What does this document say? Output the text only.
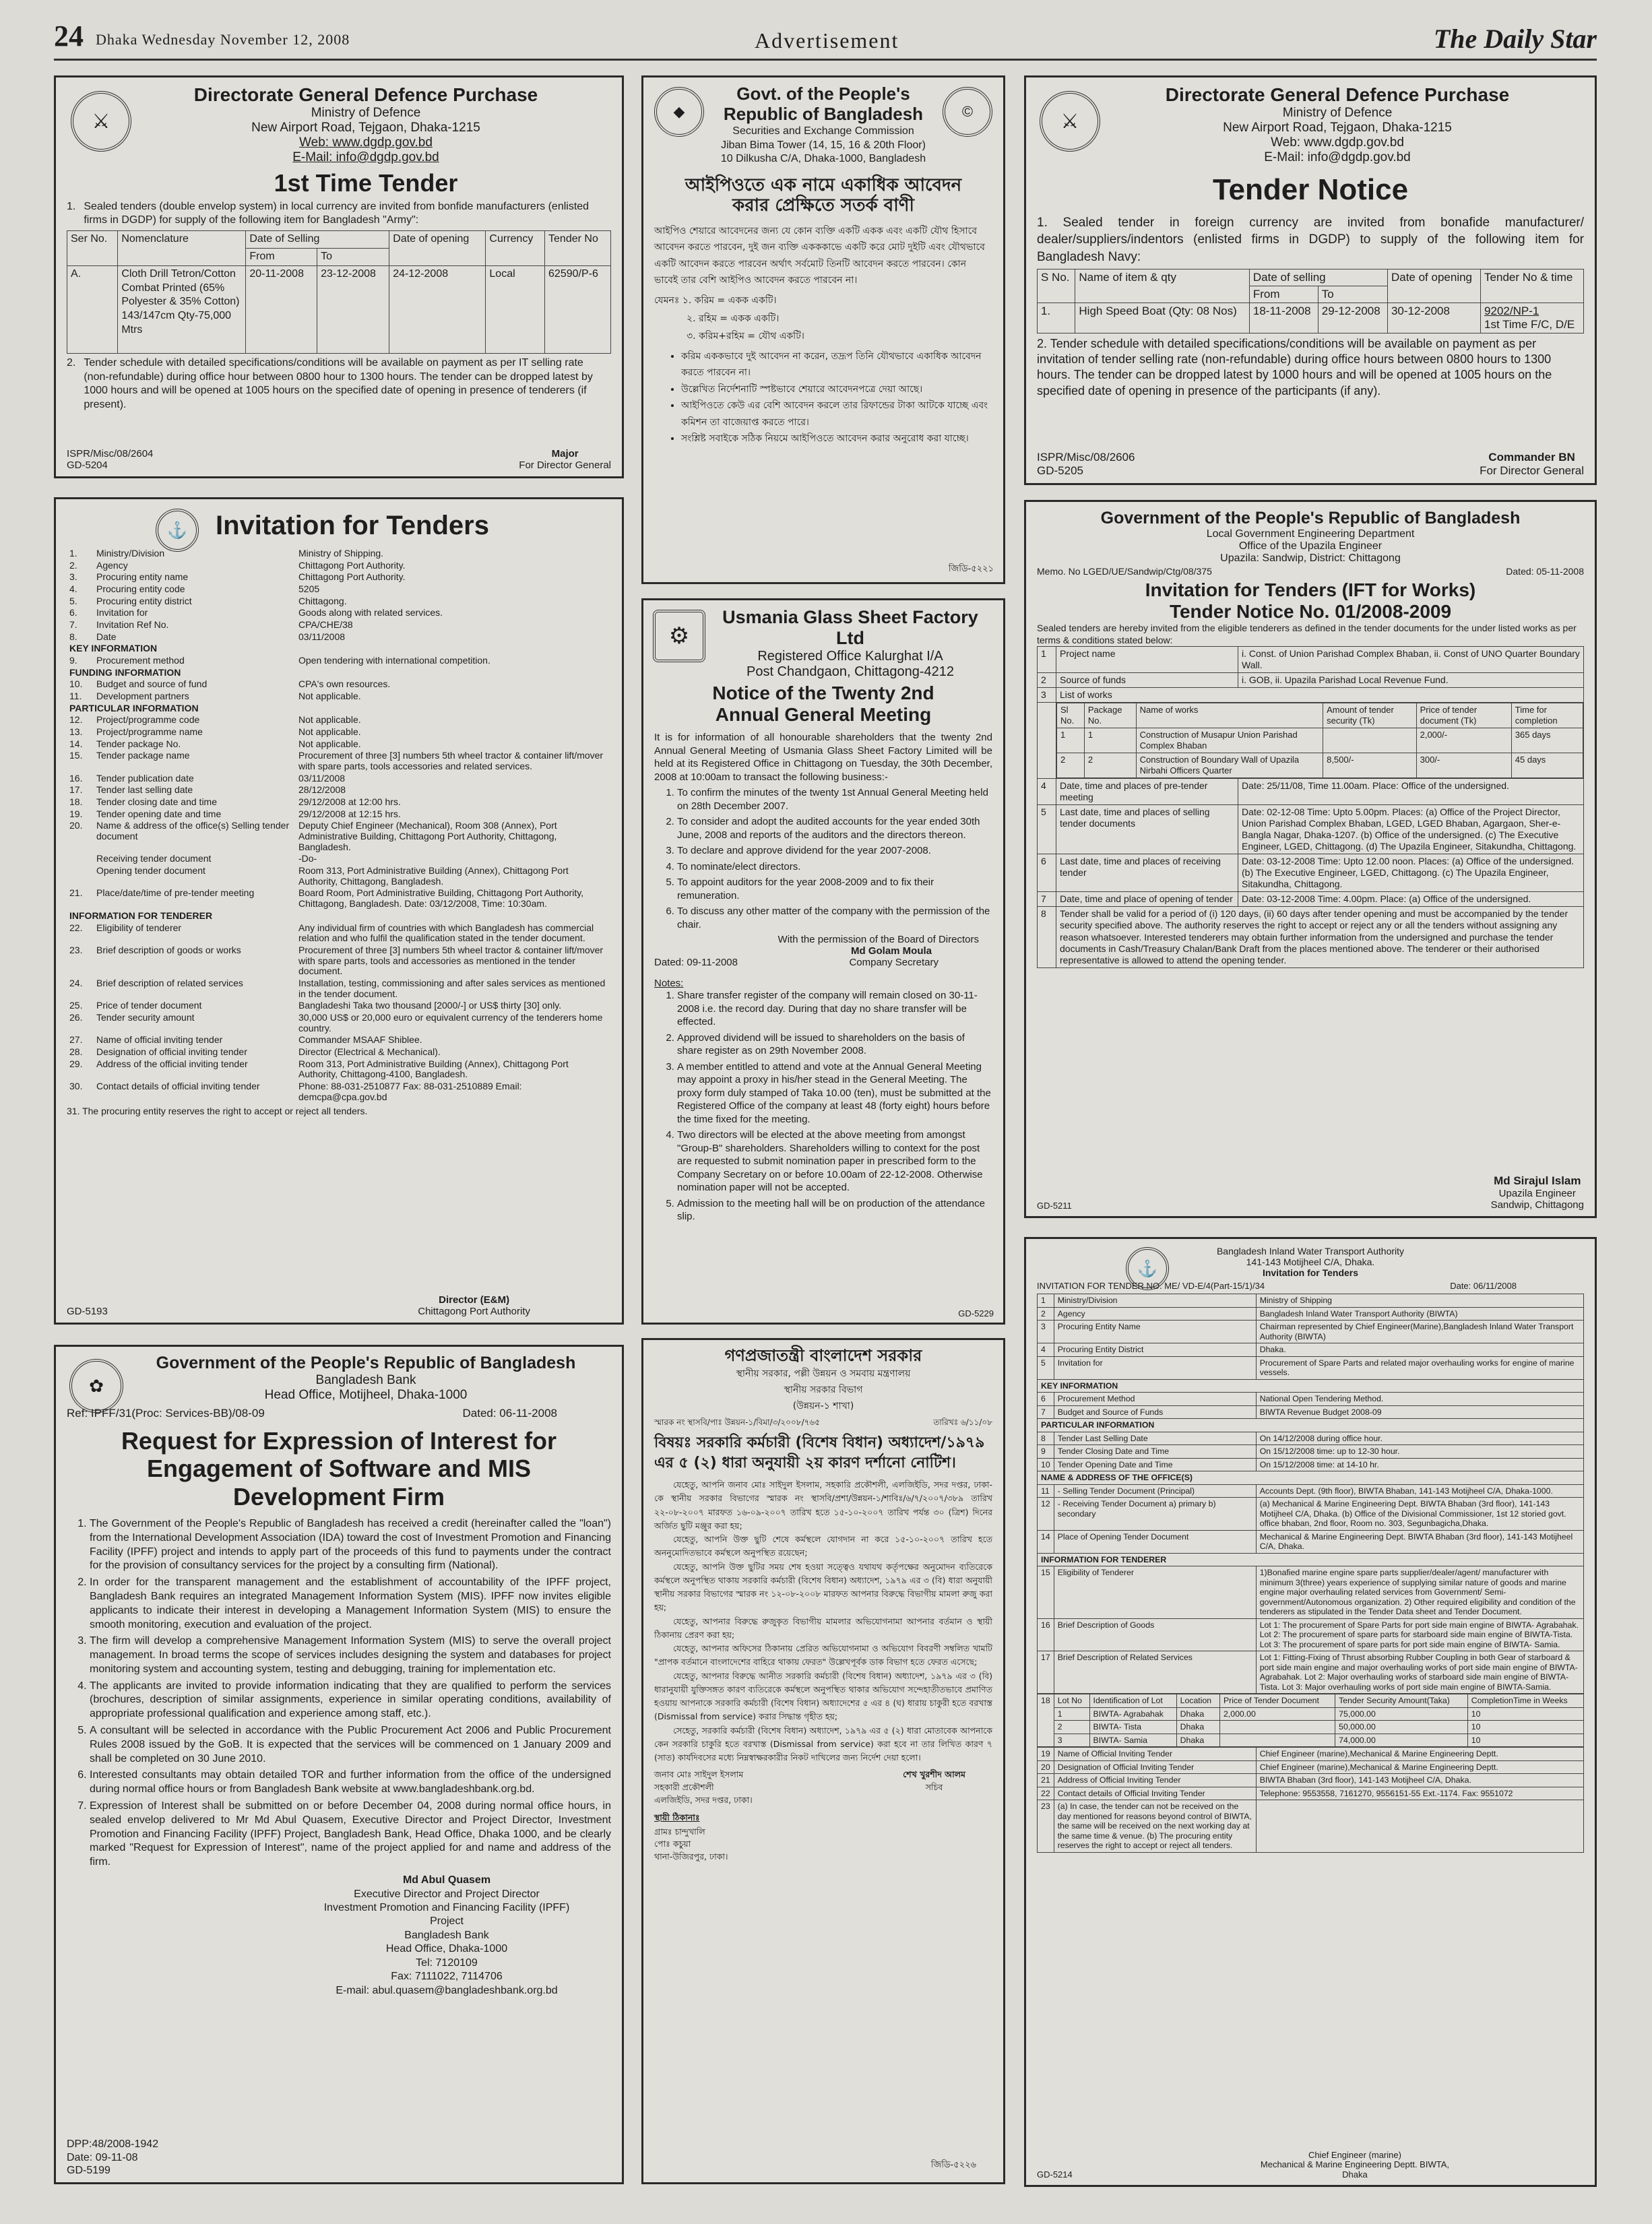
24 Dhaka Wednesday November 12, 2008	Advertisement	The Daily Star
⚔
Directorate General Defence Purchase
Ministry of Defence
New Airport Road, Tejgaon, Dhaka-1215
Web: www.dgdp.gov.bd
E-Mail: info@dgdp.gov.bd
1st Time Tender
1. Sealed tenders (double envelop system) in local currency are invited from bonfide manufacturers (enlisted firms in DGDP) for supply of the following item for Bangladesh "Army":
Ser No.	Nomenclature	Date of Selling		Date of opening	Currency	Tender No
		From	To			
A.	Cloth Drill Tetron/Cotton Combat Printed (65% Polyester & 35% Cotton) 143/147cm Qty-75,000 Mtrs	20-11-2008	23-12-2008	24-12-2008	Local	62590/P-6
2. Tender schedule with detailed specifications/conditions will be available on payment as per IT selling rate (non-refundable) during office hour between 0800 hour to 1300 hours. The tender can be dropped latest by 1000 hours and will be opened at 1005 hours on the specified date of opening in presence of tenderers (if present).
ISPR/Misc/08/2604
GD-5204
Major
For Director General
◆	©
Govt. of the People's Republic of Bangladesh
Securities and Exchange Commission
Jiban Bima Tower (14, 15, 16 & 20th Floor)
10 Dilkusha C/A, Dhaka-1000, Bangladesh
আইপিওতে এক নামে একাধিক আবেদন
করার প্রেক্ষিতে সতর্ক বাণী
আইপিও শেয়ারে আবেদনের জন্য যে কোন ব্যক্তি একটি একক এবং একটি যৌথ হিসাবে আবেদন করতে পারবেন, দুই জন ব্যক্তি একককাভে একটি করে মোট দুইটি এবং যৌথভাবে একটি আবেদন করতে পারবেন অর্থাৎ সর্বমোট তিনটি আবেদন করতে পারবেন। কোন ভাবেই তার বেশি আইপিও আবেদন করতে পারবেন না।
যেমনঃ ১. করিম = একক একটি।
২. রহিম = একক একটি।
৩. করিম+রহিম = যৌথ একটি।
• করিম এককভাবে দুই আবেদন না করেন, তদ্রূপ তিনি যৌথভাবে একাধিক আবেদন করতে পারবেন না।
• উল্লেখিত নির্দেশনাটি স্পষ্টভাবে শেয়ারে আবেদনপত্রে দেয়া আছে।
• আইপিওতে কেউ এর বেশি আবেদন করলে তার রিফান্ডের টাকা আটকে যাচ্ছে এবং কমিশন তা বাজেয়াপ্ত করতে পারে।
• সংশ্লিষ্ট সবাইকে সঠিক নিয়মে আইপিওতে আবেদন করার অনুরোধ করা যাচ্ছে।
জিডি-৫২২১
⚔
Directorate General Defence Purchase
Ministry of Defence
New Airport Road, Tejgaon, Dhaka-1215
Web: www.dgdp.gov.bd
E-Mail: info@dgdp.gov.bd
Tender Notice
1. Sealed tender in foreign currency are invited from bonafide manufacturer/ dealer/suppliers/indentors (enlisted firms in DGDP) to supply of the following item for Bangladesh Navy:
S No.	Name of item & qty	Date of selling		Date of opening	Tender No & time
		From	To		
1.	High Speed Boat (Qty: 08 Nos)	18-11-2008	29-12-2008	30-12-2008	9202/NP-1
1st Time F/C, D/E
2. Tender schedule with detailed specifications/conditions will be available on payment as per invitation of tender selling rate (non-refundable) during office hours between 0800 hours to 1300 hours. The tender can be dropped latest by 1000 hours and will be opened at 1005 hours on the specified date of opening in presence of the participants (if any).
ISPR/Misc/08/2606
GD-5205
Commander BN
For Director General
⚓	Invitation for Tenders
1.	Ministry/Division	Ministry of Shipping.
2.	Agency	Chittagong Port Authority.
3.	Procuring entity name	Chittagong Port Authority.
4.	Procuring entity code	5205
5.	Procuring entity district	Chittagong.
6.	Invitation for	Goods along with related services.
7.	Invitation Ref No.	CPA/CHE/38
8.	Date	03/11/2008
KEY INFORMATION		
9.	Procurement method	Open tendering with international competition.
FUNDING INFORMATION		
10.	Budget and source of fund	CPA's own resources.
11.	Development partners	Not applicable.
PARTICULAR INFORMATION		
12.	Project/programme code	Not applicable.
13.	Project/programme name	Not applicable.
14.	Tender package No.	Not applicable.
15.	Tender package name	Procurement of three [3] numbers 5th wheel tractor & container lift/mover with spare parts, tools accessories and related services.
16.	Tender publication date	03/11/2008
17.	Tender last selling date	28/12/2008
18.	Tender closing date and time	29/12/2008 at 12:00 hrs.
19.	Tender opening date and time	29/12/2008 at 12:15 hrs.
20.	Name & address of the office(s) Selling tender document	Deputy Chief Engineer (Mechanical), Room 308 (Annex), Port Administrative Building, Chittagong Port Authority, Chittagong, Bangladesh.
	Receiving tender document	-Do-
	Opening tender document	Room 313, Port Administrative Building (Annex), Chittagong Port Authority, Chittagong, Bangladesh.
21.	Place/date/time of pre-tender meeting	Board Room, Port Administrative Building, Chittagong Port Authority, Chittagong, Bangladesh. Date: 03/12/2008, Time: 10:30am.
INFORMATION FOR TENDERER		
22.	Eligibility of tenderer	Any individual firm of countries with which Bangladesh has commercial relation and who fulfil the qualification stated in the tender document.
23.	Brief description of goods or works	Procurement of three [3] numbers 5th wheel tractor & container lift/mover with spare parts, tools and accessories as mentioned in the tender document.
24.	Brief description of related services	Installation, testing, commissioning and after sales services as mentioned in the tender document.
25.	Price of tender document	Bangladeshi Taka two thousand [2000/-] or US$ thirty [30] only.
26.	Tender security amount	30,000 US$ or 20,000 euro or equivalent currency of the tenderers home country.
27.	Name of official inviting tender	Commander MSAAF Shiblee.
28.	Designation of official inviting tender	Director (Electrical & Mechanical).
29.	Address of the official inviting tender	Room 313, Port Administrative Building (Annex), Chittagong Port Authority, Chittagong-4100, Bangladesh.
30.	Contact details of official inviting tender	Phone: 88-031-2510877 Fax: 88-031-2510889 Email: demcpa@cpa.gov.bd
31. The procuring entity reserves the right to accept or reject all tenders.
GD-5193
Director (E&M)
Chittagong Port Authority
⚙
Usmania Glass Sheet Factory Ltd
Registered Office Kalurghat I/A
Post Chandgaon, Chittagong-4212
Notice of the Twenty 2nd
Annual General Meeting
It is for information of all honourable shareholders that the twenty 2nd Annual General Meeting of Usmania Glass Sheet Factory Limited will be held at its Registered Office in Chittagong on Tuesday, the 30th December, 2008 at 10:00am to transact the following business:-
1. To confirm the minutes of the twenty 1st Annual General Meeting held on 28th December 2007.
2. To consider and adopt the audited accounts for the year ended 30th June, 2008 and reports of the auditors and the directors thereon.
3. To declare and approve dividend for the year 2007-2008.
4. To nominate/elect directors.
5. To appoint auditors for the year 2008-2009 and to fix their remuneration.
6. To discuss any other matter of the company with the permission of the chair.
With the permission of the Board of Directors
Md Golam Moula
Dated: 09-11-2008	Company Secretary
Notes:
1. Share transfer register of the company will remain closed on 30-11-2008 i.e. the record day. During that day no share transfer will be effected.
2. Approved dividend will be issued to shareholders on the basis of share register as on 29th November 2008.
3. A member entitled to attend and vote at the Annual General Meeting may appoint a proxy in his/her stead in the General Meeting. The proxy form duly stamped of Taka 10.00 (ten), must be submitted at the Registered Office of the company at least 48 (forty eight) hours before the time fixed for the meeting.
4. Two directors will be elected at the above meeting from amongst "Group-B" shareholders. Shareholders willing to context for the post are requested to submit nomination paper in prescribed form to the Company Secretary on or before 10.00am of 22-12-2008. Otherwise nomination paper will not be accepted.
5. Admission to the meeting hall will be on production of the attendance slip.
GD-5229
Government of the People's Republic of Bangladesh
Local Government Engineering Department
Office of the Upazila Engineer
Upazila: Sandwip, District: Chittagong
Memo. No LGED/UE/Sandwip/Ctg/08/375	Dated: 05-11-2008
Invitation for Tenders (IFT for Works)
Tender Notice No. 01/2008-2009
Sealed tenders are hereby invited from the eligible tenderers as defined in the tender documents for the under listed works as per terms & conditions stated below:
1	Project name	i. Const. of Union Parishad Complex Bhaban, ii. Const of UNO Quarter Boundary Wall.
2	Source of funds	i. GOB, ii. Upazila Parishad Local Revenue Fund.
3	List of works

Sl No.	Package No.	Name of works	Amount of tender security (Tk)	Price of tender document (Tk)	Time for completion
1	1	Construction of Musapur Union Parishad Complex Bhaban		2,000/-	365 days
2	2	Construction of Boundary Wall of Upazila Nirbahi Officers Quarter	8,500/-	300/-	45 days

4	Date, time and places of pre-tender meeting	Date: 25/11/08, Time 11.00am. Place: Office of the undersigned.
5	Last date, time and places of selling tender documents	Date: 02-12-08 Time: Upto 5.00pm. Places: (a) Office of the Project Director, Union Parishad Complex Bhaban, LGED, LGED Bhaban, Agargaon, Sher-e-Bangla Nagar, Dhaka-1207. (b) Office of the undersigned. (c) The Executive Engineer, LGED, Chittagong. (d) The Upazila Engineer, Sitakundha, Chittagong.
6	Last date, time and places of receiving tender	Date: 03-12-2008 Time: Upto 12.00 noon. Places: (a) Office of the undersigned. (b) The Executive Engineer, LGED, Chittagong. (c) The Upazila Engineer, Sitakundha, Chittagong.
7	Date, time and place of opening of tender	Date: 03-12-2008 Time: 4.00pm. Place: (a) Office of the undersigned.
8	Tender shall be valid for a period of (i) 120 days, (ii) 60 days after tender opening and must be accompanied by the tender security specified above. The authority reserves the right to accept or reject any or all the tenders without assigning any reason whatsoever. Interested tenderers may obtain further information from the undersigned and purchase the tender documents in Cash/Treasury Chalan/Bank Draft from the places mentioned above. The tenderer or their authorised representative is allowed to attend the opening tender.
GD-5211
Md Sirajul Islam
Upazila Engineer
Sandwip, Chittagong
✿
Government of the People's Republic of Bangladesh
Bangladesh Bank
Head Office, Motijheel, Dhaka-1000
Ref: IPFF/31(Proc: Services-BB)/08-09	Dated: 06-11-2008
Request for Expression of Interest for
Engagement of Software and MIS
Development Firm
1. The Government of the People's Republic of Bangladesh has received a credit (hereinafter called the "loan") from the International Development Association (IDA) toward the cost of Investment Promotion and Financing Facility (IPFF) project and intends to apply part of the proceeds of this fund to payments under the contract for the provision of consultancy services for the project by a consulting firm (National).
2. In order for the transparent management and the establishment of accountability of the IPFF project, Bangladesh Bank requires an integrated Management Information System (MIS). IPFF now invites eligible applicants to indicate their interest in developing a Management Information System (MIS) to ensure the smooth monitoring, execution and evaluation of the project.
3. The firm will develop a comprehensive Management Information System (MIS) to serve the overall project management. In broad terms the scope of services includes designing the system and databases for project monitoring system and accounting system, testing and debugging, training for implementation etc.
4. The applicants are invited to provide information indicating that they are qualified to perform the services (brochures, description of similar assignments, experience in similar operating conditions, availability of appropriate professional qualification and experience among staff, etc.).
5. A consultant will be selected in accordance with the Public Procurement Act 2006 and Public Procurement Rules 2008 issued by the GoB. It is expected that the services will be commenced on 1 January 2009 and shall be completed on 30 June 2010.
6. Interested consultants may obtain detailed TOR and further information from the office of the undersigned during normal office hours or from Bangladesh Bank website at www.bangladeshbank.org.bd.
7. Expression of Interest shall be submitted on or before December 04, 2008 during normal office hours, in sealed envelop delivered to Mr Md Abul Quasem, Executive Director and Project Director, Investment Promotion and Financing Facility (IPFF) Project, Bangladesh Bank, Head Office, Dhaka 1000, and be clearly marked "Request for Expression of Interest", name of the project applied for and name and address of the firm.
Md Abul Quasem
Executive Director and Project Director
Investment Promotion and Financing Facility (IPFF)
Project
Bangladesh Bank
Head Office, Dhaka-1000
Tel: 7120109
Fax: 7111022, 7114706
E-mail: abul.quasem@bangladeshbank.org.bd
DPP:48/2008-1942
Date: 09-11-08
GD-5199
গণপ্রজাতন্ত্রী বাংলাদেশ সরকার
স্থানীয় সরকার, পল্লী উন্নয়ন ও সমবায় মন্ত্রণালয়
স্থানীয় সরকার বিভাগ
(উন্নয়ন-১ শাখা)
স্মারক নং স্থাসবি/পাঃ উন্নয়ন-১/বিমা/৩/২০০৮/৭৬৫	তারিখঃ ৬/১১/০৮
বিষয়ঃ সরকারি কর্মচারী (বিশেষ বিধান) অধ্যাদেশ/১৯৭৯ এর ৫ (২) ধারা অনুযায়ী ২য় কারণ দর্শানো নোটিশ।

যেহেতু, আপনি জনাব মোঃ সাইদুল ইসলাম, সহকারি প্রকৌশলী, এলজিইডি, সদর দপ্তর, ঢাকা-কে স্থানীয় সরকার বিভাগের স্মারক নং স্থাসবি/প্রশা/উন্নয়ন-১/শাবিঃ/৬/৭/২০০৭/৩৮৯ তারিখ ২২-০৮-২০০৭ মারফত ১৬-০৯-২০০৭ তারিখ হতে ১৫-১০-২০০৭ তারিখ পর্যন্ত ৩০ (ত্রিশ) দিনের অর্জিত ছুটি মঞ্জুর করা হয়;

যেহেতু, আপনি উক্ত ছুটি শেষে কর্মস্থলে যোগদান না করে ১৫-১০-২০০৭ তারিখ হতে অননুমোদিতভাবে কর্মস্থলে অনুপস্থিত রয়েছেন;

যেহেতু, আপনি উক্ত ছুটির সময় শেষ হওয়া সত্ত্বেও যথাযথ কর্তৃপক্ষের অনুমোদন ব্যতিরেকে কর্মস্থলে অনুপস্থিত থাকায় সরকারি কর্মচারী (বিশেষ বিধান) অধ্যাদেশ, ১৯৭৯ এর ৩ (বি) ধারা অনুযায়ী স্থানীয় সরকার বিভাগের স্মারক নং ১২-০৮-২০০৮ মারফত আপনার বিরুদ্ধে বিভাগীয় মামলা রুজু করা হয়;

যেহেতু, আপনার বিরুদ্ধে রুজুকৃত বিভাগীয় মামলার অভিযোগনামা আপনার বর্তমান ও স্থায়ী ঠিকানায় প্রেরণ করা হয়;

যেহেতু, আপনার অফিসের ঠিকানায় প্রেরিত অভিযোগনামা ও অভিযোগ বিবরণী সম্বলিত খামটি "প্রাপক বর্তমানে বাংলাদেশের বাহিরে থাকায় ফেরত" উল্লেখপূর্বক ডাক বিভাগ হতে ফেরত এসেছে;

যেহেতু, আপনার বিরুদ্ধে আনীত সরকারি কর্মচারী (বিশেষ বিধান) অধ্যাদেশ, ১৯৭৯ এর ৩ (বি) ধারানুযায়ী যুক্তিসঙ্গত কারণ ব্যতিরেকে কর্মস্থলে অনুপস্থিত থাকার অভিযোগ সন্দেহাতীতভাবে প্রমাণিত হওয়ায় আপনাকে সরকারি কর্মচারী (বিশেষ বিধান) অধ্যাদেশের ৫ এর ৪ (ঘ) ধারায় চাকুরী হতে বরখাস্ত (Dismissal from service) করার সিদ্ধান্ত গৃহীত হয়;

সেহেতু, সরকারি কর্মচারী (বিশেষ বিধান) অধ্যাদেশ, ১৯৭৯ এর ৫ (২) ধারা মোতাবেক আপনাকে কেন সরকারি চাকুরি হতে বরখাস্ত (Dismissal from service) করা হবে না তার লিখিত কারণ ৭ (সাত) কার্যদিবসের মধ্যে নিম্নস্বাক্ষরকারীর নিকট দাখিলের জন্য নির্দেশ দেয়া হলো।

জনাব মোঃ সাইদুল ইসলাম
সহকারী প্রকৌশলী
এলজিইডি, সদর দপ্তর, ঢাকা।
শেখ খুরশীদ আলম
সচিব
স্থায়ী ঠিকানাঃ
গ্রামঃ চান্দুখালি
পোঃ কচুয়া
থানা-উজিরপুর, ঢাকা।
জিডি-৫২২৬
⚓
Bangladesh Inland Water Transport Authority
141-143 Motijheel C/A, Dhaka.
Invitation for Tenders
INVITATION FOR TENDER NO. ME/ VD-E/4(Part-15/1)/34	Date: 06/11/2008
1	Ministry/Division	Ministry of Shipping
2	Agency	Bangladesh Inland Water Transport Authority (BIWTA)
3	Procuring Entity Name	Chairman represented by Chief Engineer(Marine),Bangladesh Inland Water Transport Authority (BIWTA)
4	Procuring Entity District	Dhaka.
5	Invitation for	Procurement of Spare Parts and related major overhauling works for engine of marine vessels.
KEY INFORMATION		
6	Procurement Method	National Open Tendering Method.
7	Budget and Source of Funds	BIWTA Revenue Budget 2008-09
PARTICULAR INFORMATION		
8	Tender Last Selling Date	On 14/12/2008 during office hour.
9	Tender Closing Date and Time	On 15/12/2008 time: up to 12-30 hour.
10	Tender Opening Date and Time	On 15/12/2008 time: at 14-10 hr.
NAME & ADDRESS OF THE OFFICE(S)		
11	- Selling Tender Document (Principal)	Accounts Dept. (9th floor), BIWTA Bhaban, 141-143 Motijheel C/A, Dhaka-1000.
12	- Receiving Tender Document a) primary b) secondary	(a) Mechanical & Marine Engineering Dept. BIWTA Bhaban (3rd floor), 141-143 Motijheel C/A, Dhaka. (b) Office of the Divisional Commissioner, 1st 12 storied govt. office bhaban, 2nd floor, Room no. 303, Segunbagicha,Dhaka.
14	Place of Opening Tender Document	Mechanical & Marine Engineering Dept. BIWTA Bhaban (3rd floor), 141-143 Motijheel C/A, Dhaka.
INFORMATION FOR TENDERER		
15	Eligibility of Tenderer	1)Bonafied marine engine spare parts supplier/dealer/agent/ manufacturer with minimum 3(three) years experience of supplying similar nature of goods and marine engine major overhauling related services from Government/ Semi-government/Autonomous organization. 2) Other required eligibility and condition of the tenderers as stipulated in the Tender Data sheet and Tender Document.
16	Brief Description of Goods	Lot 1: The procurement of Spare Parts for port side main engine of BIWTA- Agrabahak. Lot 2: The procurement of spare parts for starboard side main engine of BIWTA-Tista. Lot 3: The procurement of spare parts for port side main engine of BIWTA- Samia.
17	Brief Description of Related Services	Lot 1: Fitting-Fixing of Thrust absorbing Rubber Coupling in both Gear of starboard & port side main engine and major overhauling works of port side main engine of BIWTA- Agrabahak. Lot 2: Major overhauling works of starboard side main engine of BIWTA-Tista. Lot 3: Major overhauling works of port side main engine of BIWTA-Samia.
18	Lot No	Identification of Lot	Location	Price of Tender Document	Tender Security Amount(Taka)	CompletionTime in Weeks
	1	BIWTA- Agrabahak	Dhaka	2,000.00	75,000.00	10
	2	BIWTA- Tista	Dhaka		50,000.00	10
	3	BIWTA- Samia	Dhaka		74,000.00	10
19	Name of Official Inviting Tender	Chief Engineer (marine),Mechanical & Marine Engineering Deptt.
20	Designation of Official Inviting Tender	Chief Engineer (marine),Mechanical & Marine Engineering Deptt.
21	Address of Official Inviting Tender	BIWTA Bhaban (3rd floor), 141-143 Motijheel C/A, Dhaka.
22	Contact details of Official Inviting Tender	Telephone: 9553558, 7161270, 9556151-55 Ext.-1174. Fax: 9551072
23	(a) In case, the tender can not be received on the day mentioned for reasons beyond control of BIWTA, the same will be received on the next working day at the same time & venue. (b) The procuring entity reserves the right to accept or reject all tenders.	
GD-5214
Chief Engineer (marine)
Mechanical & Marine Engineering Deptt. BIWTA,
Dhaka
